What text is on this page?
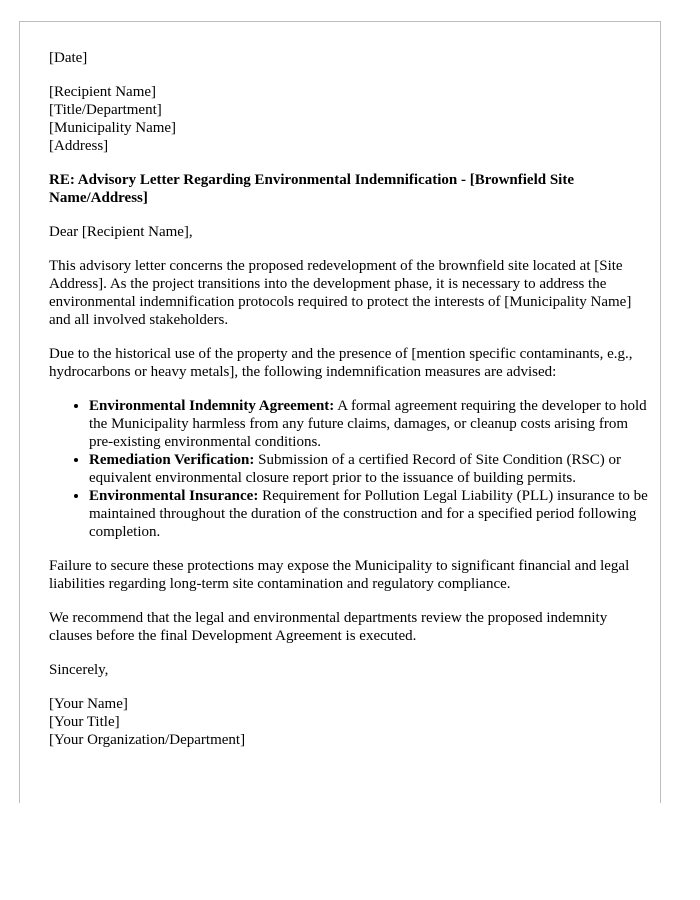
[Date]

[Recipient Name]
[Title/Department]
[Municipality Name]
[Address]

RE: Advisory Letter Regarding Environmental Indemnification - [Brownfield Site Name/Address]

Dear [Recipient Name],

This advisory letter concerns the proposed redevelopment of the brownfield site located at [Site Address]. As the project transitions into the development phase, it is necessary to address the environmental indemnification protocols required to protect the interests of [Municipality Name] and all involved stakeholders.

Due to the historical use of the property and the presence of [mention specific contaminants, e.g., hydrocarbons or heavy metals], the following indemnification measures are advised:

• Environmental Indemnity Agreement: A formal agreement requiring the developer to hold the Municipality harmless from any future claims, damages, or cleanup costs arising from pre-existing environmental conditions.
• Remediation Verification: Submission of a certified Record of Site Condition (RSC) or equivalent environmental closure report prior to the issuance of building permits.
• Environmental Insurance: Requirement for Pollution Legal Liability (PLL) insurance to be maintained throughout the duration of the construction and for a specified period following completion.

Failure to secure these protections may expose the Municipality to significant financial and legal liabilities regarding long-term site contamination and regulatory compliance.

We recommend that the legal and environmental departments review the proposed indemnity clauses before the final Development Agreement is executed.

Sincerely,

[Your Name]
[Your Title]
[Your Organization/Department]
